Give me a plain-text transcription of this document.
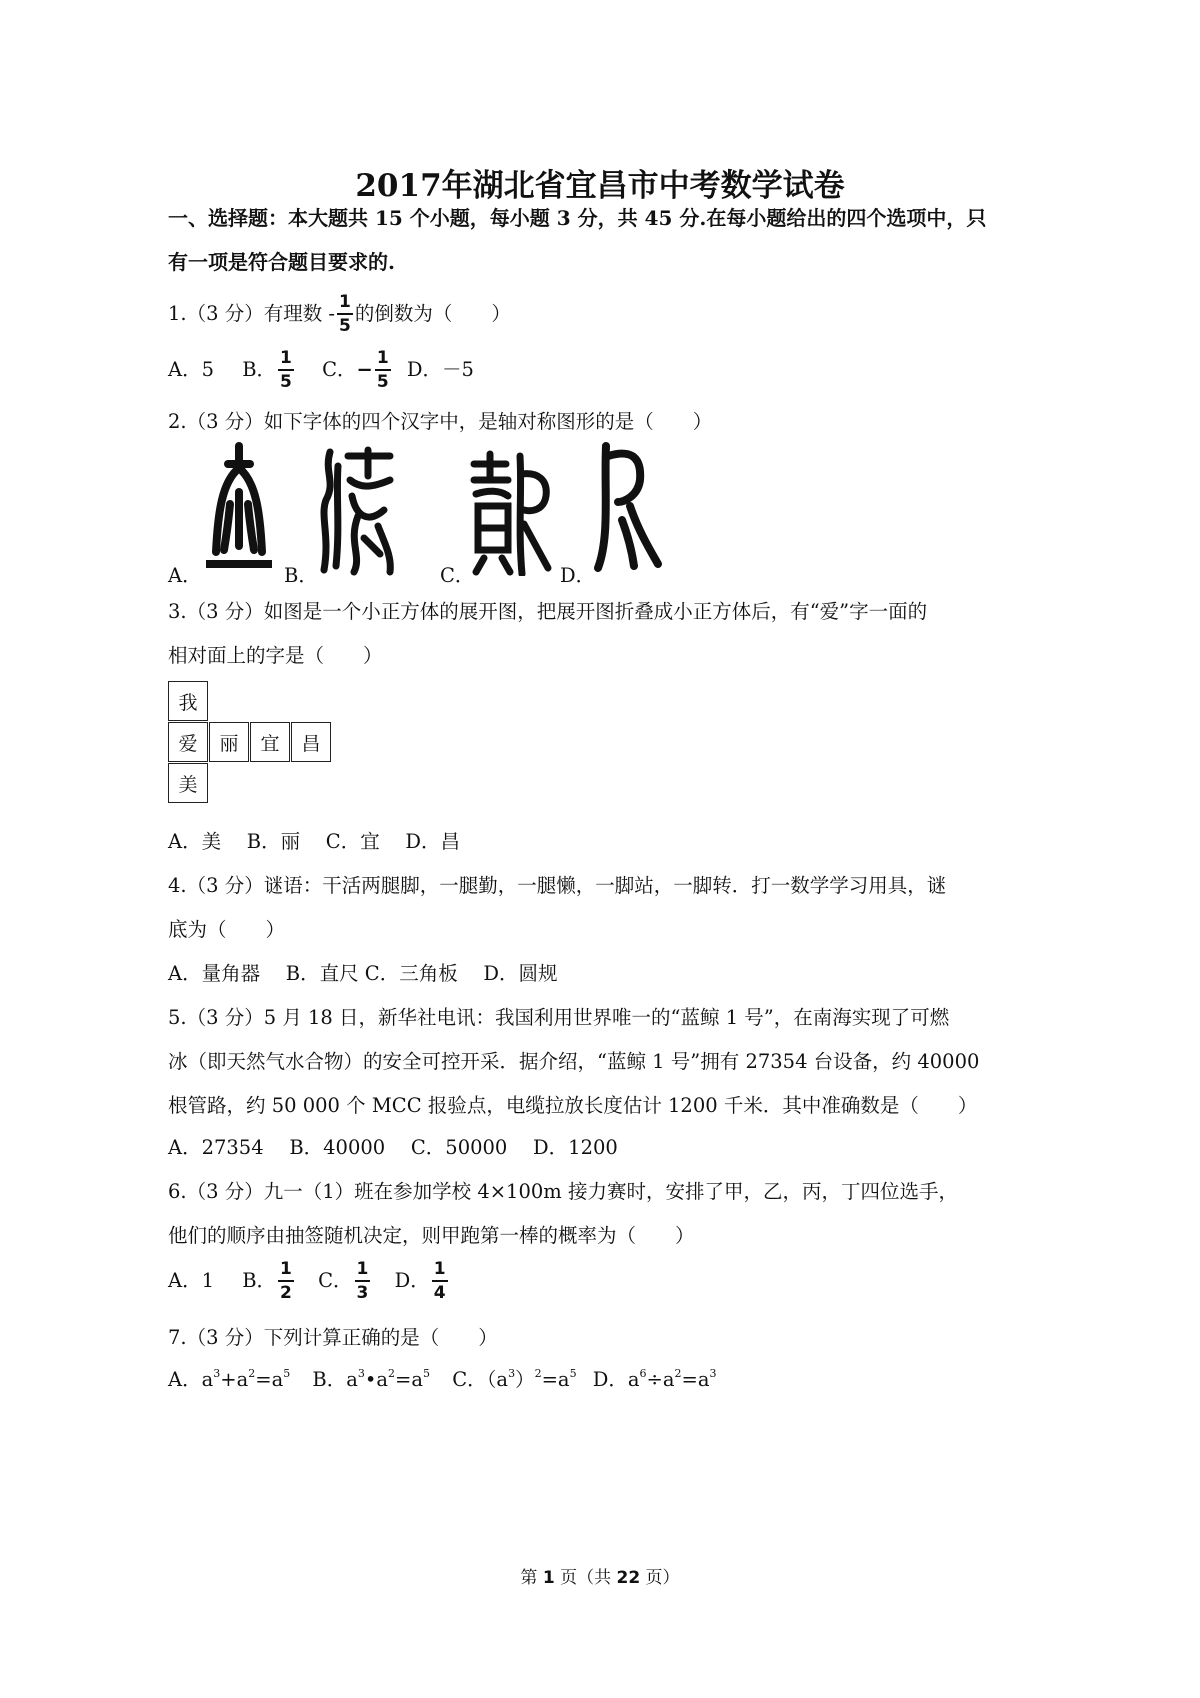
2017年湖北省宜昌市中考数学试卷
一、选择题：本大题共 15 个小题，每小题 3 分，共 45 分.在每小题给出的四个选项中，只
有一项是符合题目要求的.
1.（3 分）有理数 - $\frac{1}{5}$ 的倒数为（　　）
A．5 B． $\frac{1}{5}$ C．− $\frac{1}{5}$ D．－5
2.（3 分）如下字体的四个汉字中，是轴对称图形的是（　　）
A．	B．	C．	D．
3.（3 分）如图是一个小正方体的展开图，把展开图折叠成小正方体后，有“爱”字一面的
相对面上的字是（　　）
我
爱	丽	宜	昌
美
A．美　 B．丽　 C．宜　 D．昌
4.（3 分）谜语：干活两腿脚，一腿勤，一腿懒，一脚站，一脚转．打一数学学习用具，谜
底为（　　）
A．量角器　 B．直尺 C．三角板　 D．圆规
5.（3 分）5 月 18 日，新华社电讯：我国利用世界唯一的“蓝鲸 1 号”，在南海实现了可燃
冰（即天然气水合物）的安全可控开采．据介绍，“蓝鲸 1 号”拥有 27354 台设备，约 40000
根管路，约 50 000 个 MCC 报验点，电缆拉放长度估计 1200 千米．其中准确数是（　　）
A．27354　 B．40000　 C．50000　 D．1200
6.（3 分）九一（1）班在参加学校 4×100m 接力赛时，安排了甲，乙，丙，丁四位选手，
他们的顺序由抽签随机决定，则甲跑第一棒的概率为（　　）
A．1 B． $\frac{1}{2}$ C． $\frac{1}{3}$ D． $\frac{1}{4}$
7.（3 分）下列计算正确的是（　　）
A．$a^3+a^2=a^5$ B．$a^3•a^2=a^5$ C．$(a^3)^2=a^5$ D．$a^6\div a^2=a^3$
第 1 页（共 22 页）
